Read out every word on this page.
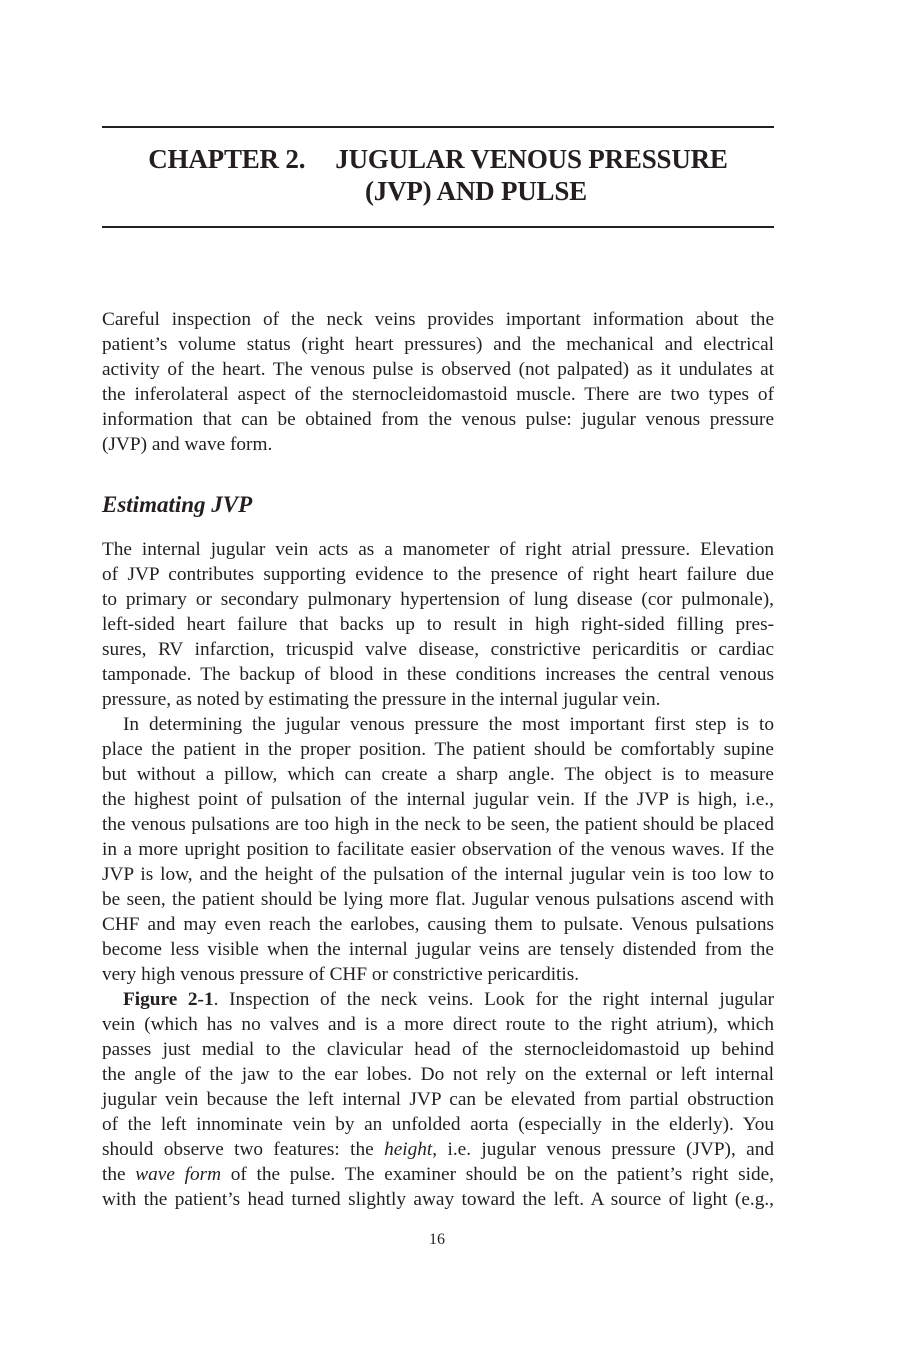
CHAPTER 2. JUGULAR VENOUS PRESSURE
(JVP) AND PULSE
Careful inspection of the neck veins provides important information about the
patient’s volume status (right heart pressures) and the mechanical and electrical
activity of the heart. The venous pulse is observed (not palpated) as it undulates at
the inferolateral aspect of the sternocleidomastoid muscle. There are two types of
information that can be obtained from the venous pulse: jugular venous pressure
(JVP) and wave form.
Estimating JVP
The internal jugular vein acts as a manometer of right atrial pressure. Elevation
of JVP contributes supporting evidence to the presence of right heart failure due
to primary or secondary pulmonary hypertension of lung disease (cor pulmonale),
left-sided heart failure that backs up to result in high right-sided filling pres-
sures, RV infarction, tricuspid valve disease, constrictive pericarditis or cardiac
tamponade. The backup of blood in these conditions increases the central venous
pressure, as noted by estimating the pressure in the internal jugular vein.
In determining the jugular venous pressure the most important first step is to
place the patient in the proper position. The patient should be comfortably supine
but without a pillow, which can create a sharp angle. The object is to measure
the highest point of pulsation of the internal jugular vein. If the JVP is high, i.e.,
the venous pulsations are too high in the neck to be seen, the patient should be placed
in a more upright position to facilitate easier observation of the venous waves. If the
JVP is low, and the height of the pulsation of the internal jugular vein is too low to
be seen, the patient should be lying more flat. Jugular venous pulsations ascend with
CHF and may even reach the earlobes, causing them to pulsate. Venous pulsations
become less visible when the internal jugular veins are tensely distended from the
very high venous pressure of CHF or constrictive pericarditis.
Figure 2-1. Inspection of the neck veins. Look for the right internal jugular
vein (which has no valves and is a more direct route to the right atrium), which
passes just medial to the clavicular head of the sternocleidomastoid up behind
the angle of the jaw to the ear lobes. Do not rely on the external or left internal
jugular vein because the left internal JVP can be elevated from partial obstruction
of the left innominate vein by an unfolded aorta (especially in the elderly). You
should observe two features: the height, i.e. jugular venous pressure (JVP), and
the wave form of the pulse. The examiner should be on the patient’s right side,
with the patient’s head turned slightly away toward the left. A source of light (e.g.,
16
